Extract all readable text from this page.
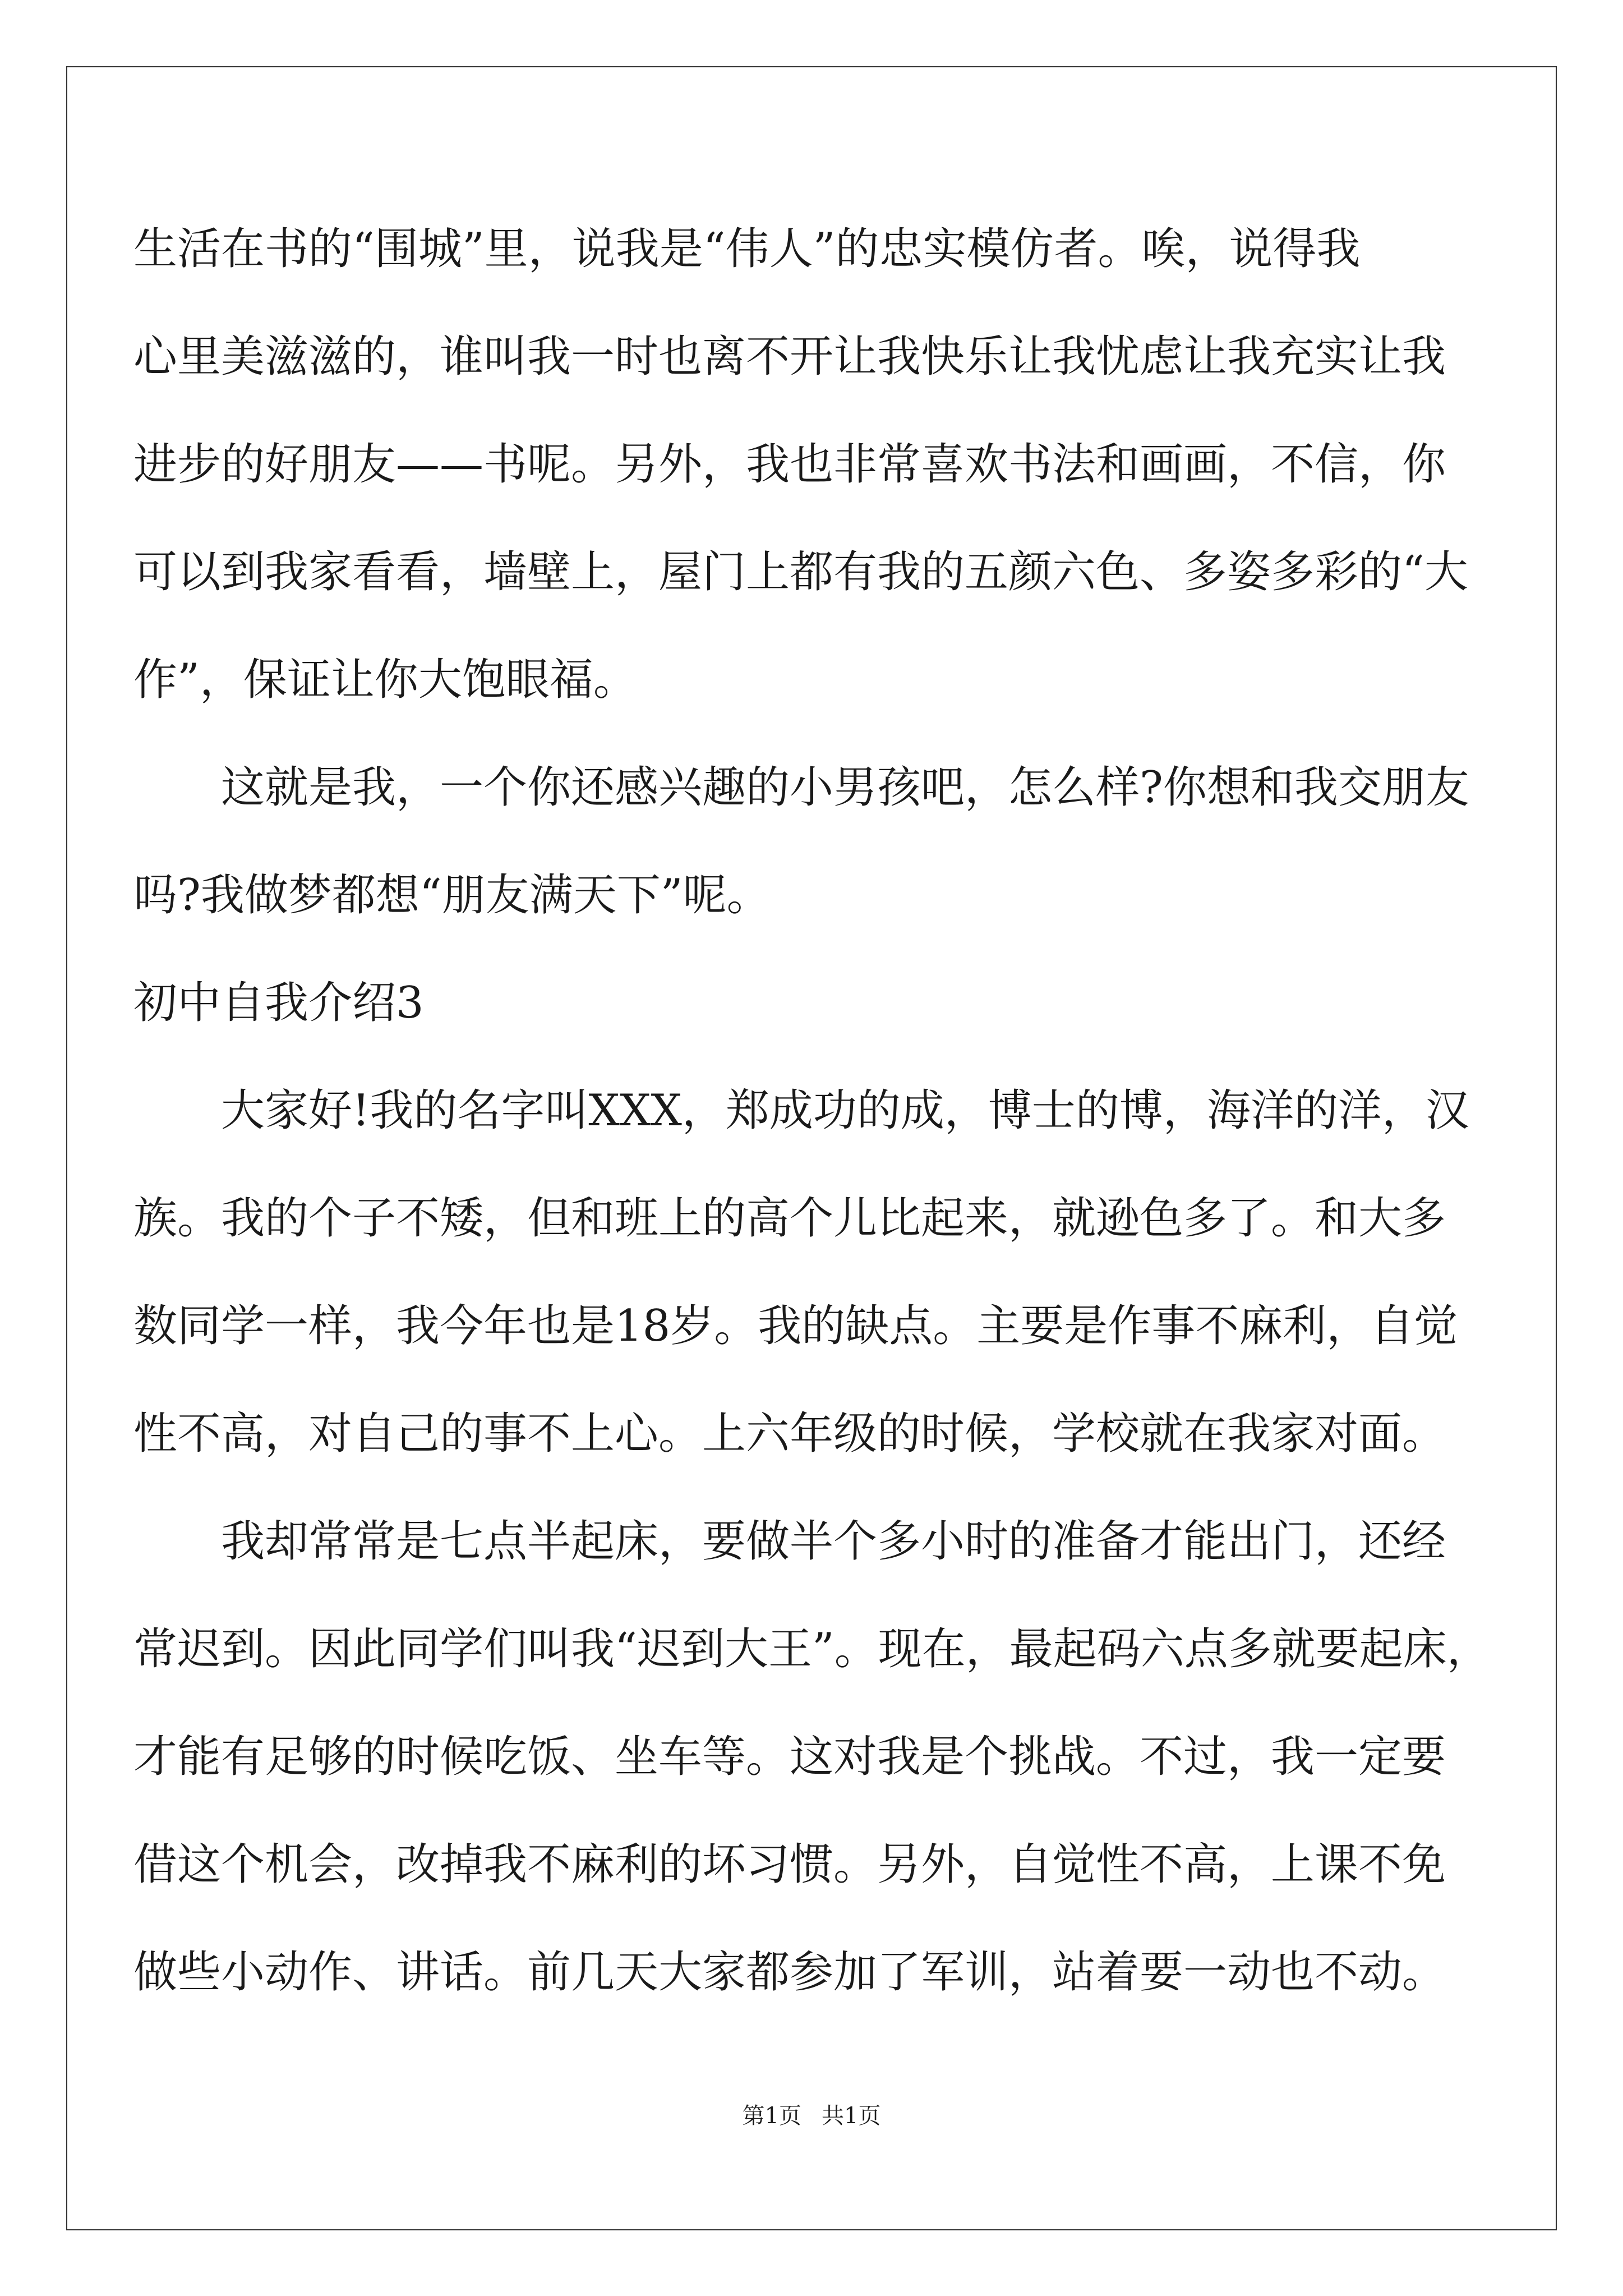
生活在书的“围城”里，说我是“伟人”的忠实模仿者。唉，说得我

心里美滋滋的，谁叫我一时也离不开让我快乐让我忧虑让我充实让我

进步的好朋友——书呢。另外，我也非常喜欢书法和画画，不信，你

可以到我家看看，墙壁上，屋门上都有我的五颜六色、多姿多彩的“大

作”，保证让你大饱眼福。

　　这就是我，一个你还感兴趣的小男孩吧，怎么样?你想和我交朋友

吗?我做梦都想“朋友满天下”呢。

初中自我介绍3

　　大家好!我的名字叫XXX，郑成功的成，博士的博，海洋的洋，汉

族。我的个子不矮，但和班上的高个儿比起来，就逊色多了。和大多

数同学一样，我今年也是18岁。我的缺点。主要是作事不麻利，自觉

性不高，对自己的事不上心。上六年级的时候，学校就在我家对面。

　　我却常常是七点半起床，要做半个多小时的准备才能出门，还经

常迟到。因此同学们叫我“迟到大王”。现在，最起码六点多就要起床，

才能有足够的时候吃饭、坐车等。这对我是个挑战。不过，我一定要

借这个机会，改掉我不麻利的坏习惯。另外，自觉性不高，上课不免

做些小动作、讲话。前几天大家都参加了军训，站着要一动也不动。

第1页 共1页
